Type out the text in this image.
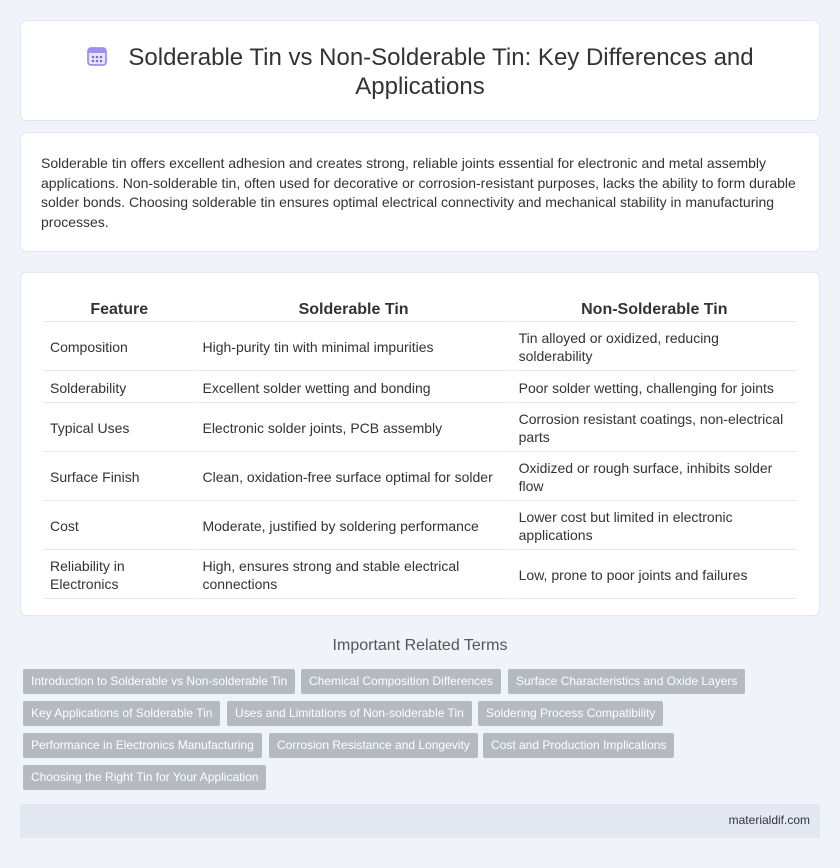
Solderable Tin vs Non-Solderable Tin: Key Differences and Applications

Solderable tin offers excellent adhesion and creates strong, reliable joints essential for electronic and metal assembly applications. Non-solderable tin, often used for decorative or corrosion-resistant purposes, lacks the ability to form durable solder bonds. Choosing solderable tin ensures optimal electrical connectivity and mechanical stability in manufacturing processes.

Feature	Solderable Tin	Non-Solderable Tin
Composition	High-purity tin with minimal impurities	Tin alloyed or oxidized, reducing solderability
Solderability	Excellent solder wetting and bonding	Poor solder wetting, challenging for joints
Typical Uses	Electronic solder joints, PCB assembly	Corrosion resistant coatings, non-electrical parts
Surface Finish	Clean, oxidation-free surface optimal for solder	Oxidized or rough surface, inhibits solder flow
Cost	Moderate, justified by soldering performance	Lower cost but limited in electronic applications
Reliability in Electronics	High, ensures strong and stable electrical connections	Low, prone to poor joints and failures
Important Related Terms
Introduction to Solderable vs Non-solderable Tin	Chemical Composition Differences	Surface Characteristics and Oxide Layers
Key Applications of Solderable Tin	Uses and Limitations of Non-solderable Tin	Soldering Process Compatibility
Performance in Electronics Manufacturing	Corrosion Resistance and Longevity	Cost and Production Implications
Choosing the Right Tin for Your Application
materialdif.com
